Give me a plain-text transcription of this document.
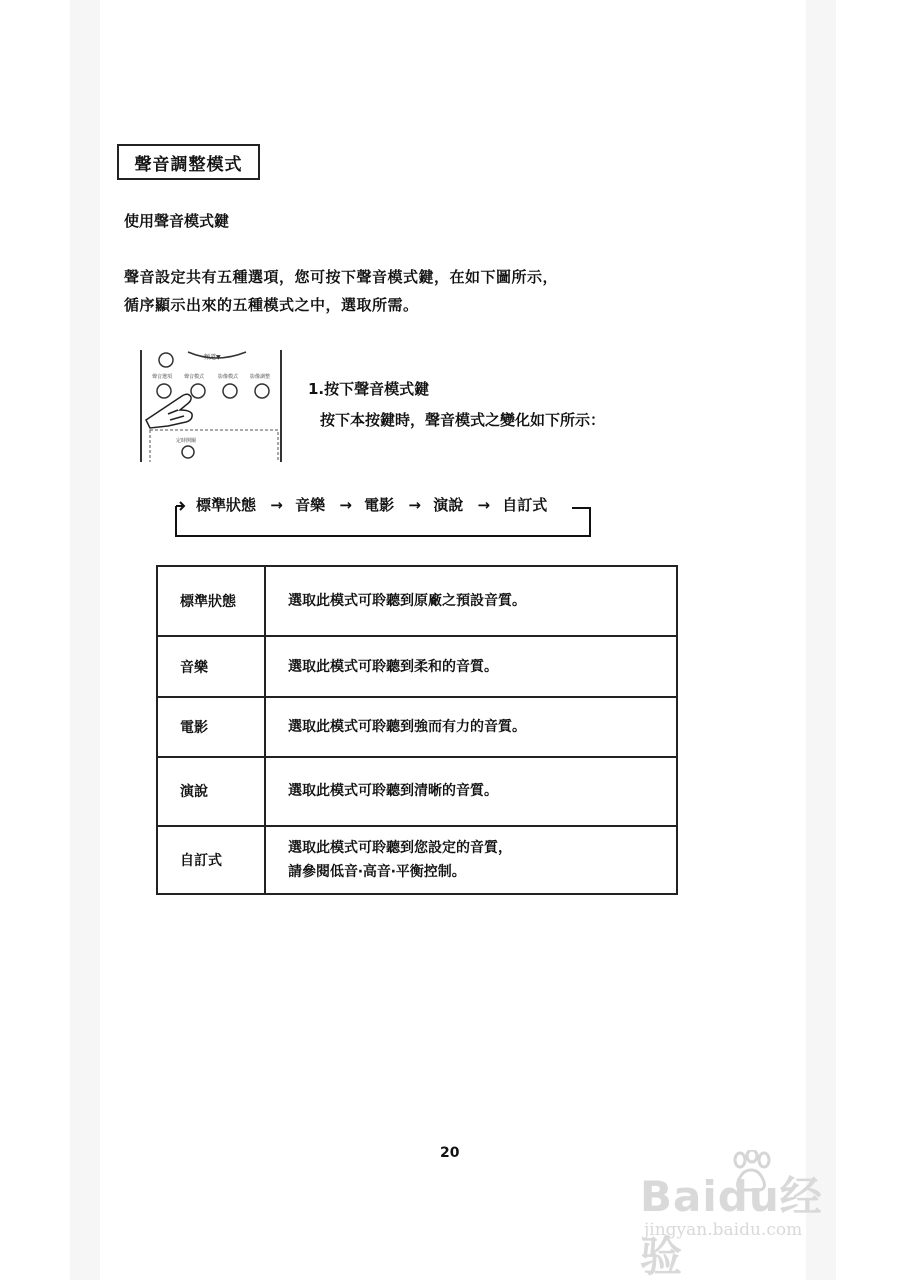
聲音調整模式
使用聲音模式鍵
聲音設定共有五種選項，您可按下聲音模式鍵，在如下圖所示，
循序顯示出來的五種模式之中，選取所需。
頻道▼
聲音選項 聲音模式	影像模式 影像調整
定時開關
1.按下聲音模式鍵
按下本按鍵時，聲音模式之變化如下所示：
標準狀態 → 音樂 → 電影 → 演說 → 自訂式
標準狀態	選取此模式可聆聽到原廠之預設音質。
音樂	選取此模式可聆聽到柔和的音質。
電影	選取此模式可聆聽到強而有力的音質。
演說	選取此模式可聆聽到清晰的音質。
自訂式	選取此模式可聆聽到您設定的音質，
請參閱低音‧高音‧平衡控制。
20
Baidu经验
jingyan.baidu.com
